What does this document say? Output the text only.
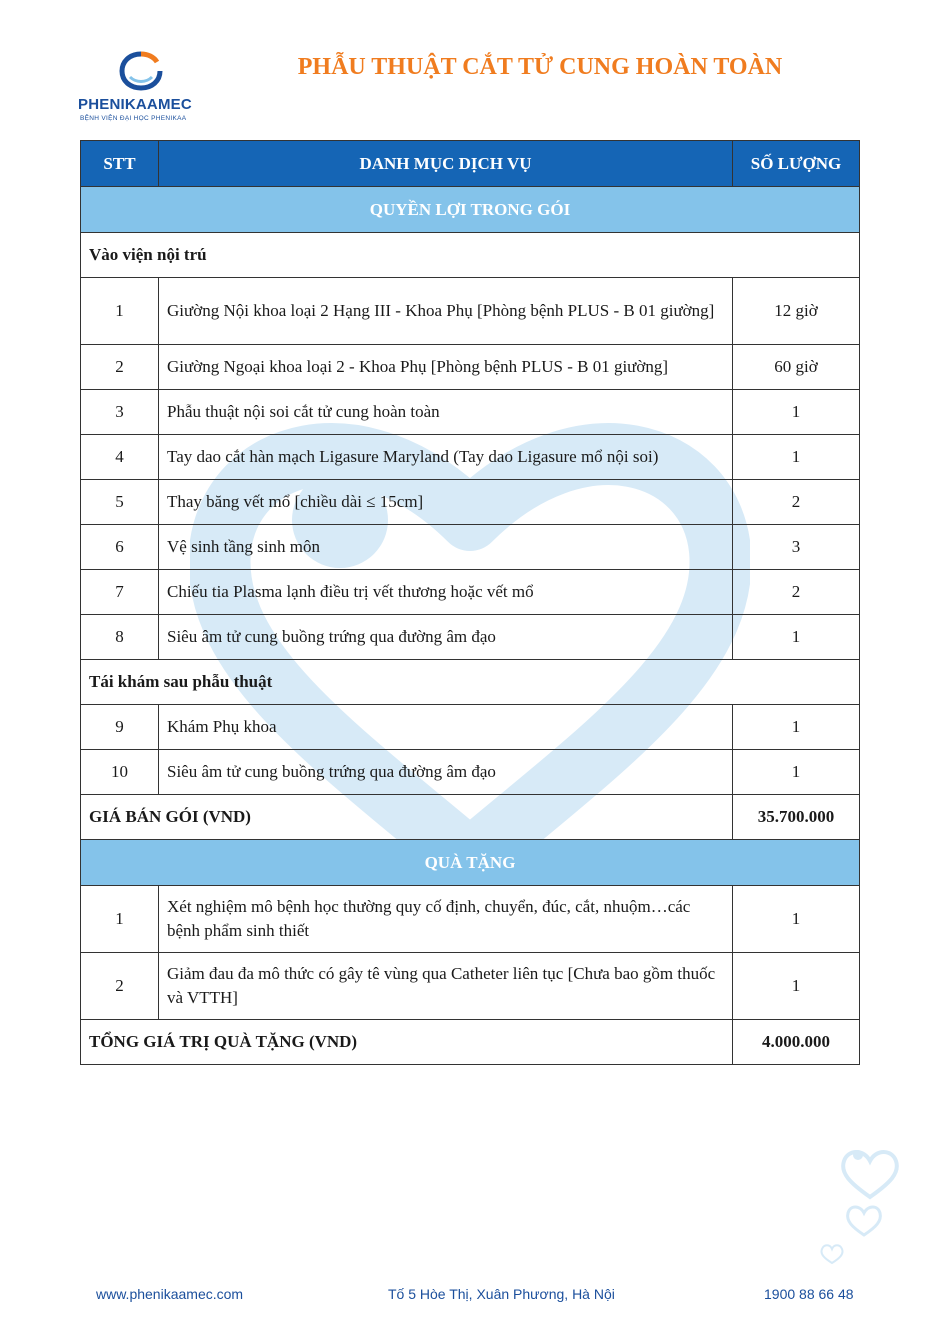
PHENIKAAMEC
BỆNH VIỆN ĐẠI HỌC PHENIKAA
PHẪU THUẬT CẮT TỬ CUNG HOÀN TOÀN
STT	DANH MỤC DỊCH VỤ	SỐ LƯỢNG
QUYỀN LỢI TRONG GÓI		
Vào viện nội trú		
1	Giường Nội khoa loại 2 Hạng III - Khoa Phụ [Phòng bệnh PLUS - B 01 giường]	12 giờ
2	Giường Ngoại khoa loại 2 - Khoa Phụ [Phòng bệnh PLUS - B 01 giường]	60 giờ
3	Phẫu thuật nội soi cắt tử cung hoàn toàn	1
4	Tay dao cắt hàn mạch Ligasure Maryland (Tay dao Ligasure mổ nội soi)	1
5	Thay băng vết mổ [chiều dài ≤ 15cm]	2
6	Vệ sinh tầng sinh môn	3
7	Chiếu tia Plasma lạnh điều trị vết thương hoặc vết mổ	2
8	Siêu âm tử cung buồng trứng qua đường âm đạo	1
Tái khám sau phẫu thuật		
9	Khám Phụ khoa	1
10	Siêu âm tử cung buồng trứng qua đường âm đạo	1
GIÁ BÁN GÓI (VND)		35.700.000
QUÀ TẶNG		
1	Xét nghiệm mô bệnh học thường quy cố định, chuyển, đúc, cắt, nhuộm…các bệnh phẩm sinh thiết	1
2	Giảm đau đa mô thức có gây tê vùng qua Catheter liên tục [Chưa bao gồm thuốc và VTTH]	1
TỔNG GIÁ TRỊ QUÀ TẶNG (VND)		4.000.000
www.phenikaamec.com	Tố 5 Hòe Thị, Xuân Phương, Hà Nội	1900 88 66 48
